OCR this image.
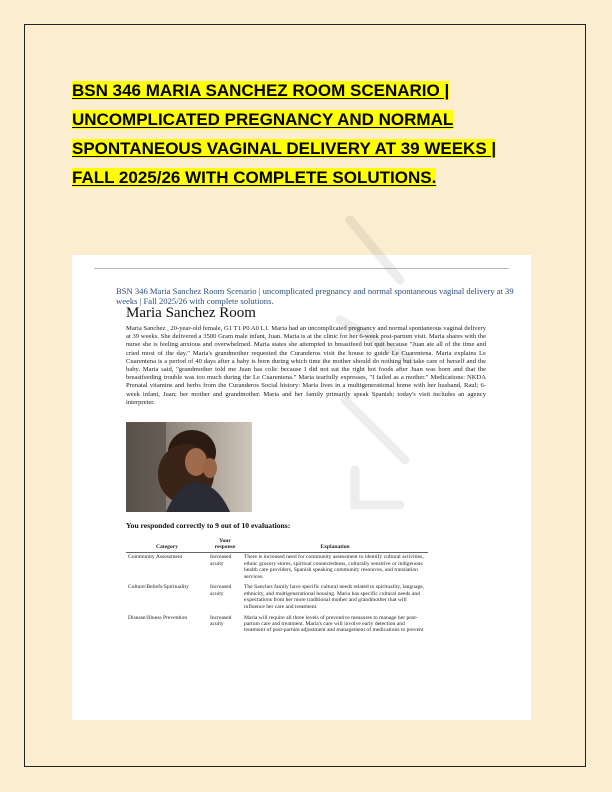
BSN 346 MARIA SANCHEZ ROOM SCENARIO | UNCOMPLICATED PREGNANCY AND NORMAL SPONTANEOUS VAGINAL DELIVERY AT 39 WEEKS | FALL 2025/26 WITH COMPLETE SOLUTIONS.
BSN 346 Maria Sanchez Room Scenario | uncomplicated pregnancy and normal spontaneous vaginal delivery at 39 weeks | Fall 2025/26 with complete solutions.
Maria Sanchez Room
Maria Sanchez , 20-year-old female, G1 T1 P0 A0 L1. Maria had an uncomplicated pregnancy and normal spontaneous vaginal delivery at 39 weeks. She delivered a 3500 Gram male infant, Juan. Maria is at the clinic for her 6-week post-partum visit. Maria shares with the nurse she is feeling anxious and overwhelmed. Maria states she attempted to breastfeed but quit because "Juan ate all of the time and cried most of the day." Maria's grandmother requested the Curanderos visit the house to guide Le Cuarentena. Maria explains Le Cuarentena is a period of 40 days after a baby is born during which time the mother should do nothing but take care of herself and the baby. Maria said, "grandmother told me Juan has colic because I did not eat the right hot foods after Juan was born and that the breastfeeding trouble was too much during the Le Cuarentena." Maria tearfully expresses, "I failed as a mother." Medications: NKDA Prenatal vitamins and herbs from the Curanderos Social history: Maria lives in a multigenerational home with her husband, Raul; 6-week infant, Juan; her mother and grandmother. Maria and her family primarily speak Spanish; today's visit includes an agency interpreter.
You responded correctly to 9 out of 10 evaluations:
Category	Your response	Explanation
Community Assessment	Increased acuity	There is increased need for community assessment to identify cultural activities, ethnic grocery stores, spiritual connectedness, culturally sensitive or indigenous health care providers, Spanish speaking community resources, and translation services.
Culture/Beliefs/Spirituality	Increased acuity	The Sanchez family have specific cultural needs related to spirituality, language, ethnicity, and multigenerational housing. Maria has specific cultural needs and expectations from her more traditional mother and grandmother that will influence her care and treatment.
Disease/Illness Prevention	Increased acuity	Maria will require all three levels of preventive measures to manage her post-partum care and treatment. Maria's care will involve early detection and treatment of post-partum adjustment and management of medications to prevent
